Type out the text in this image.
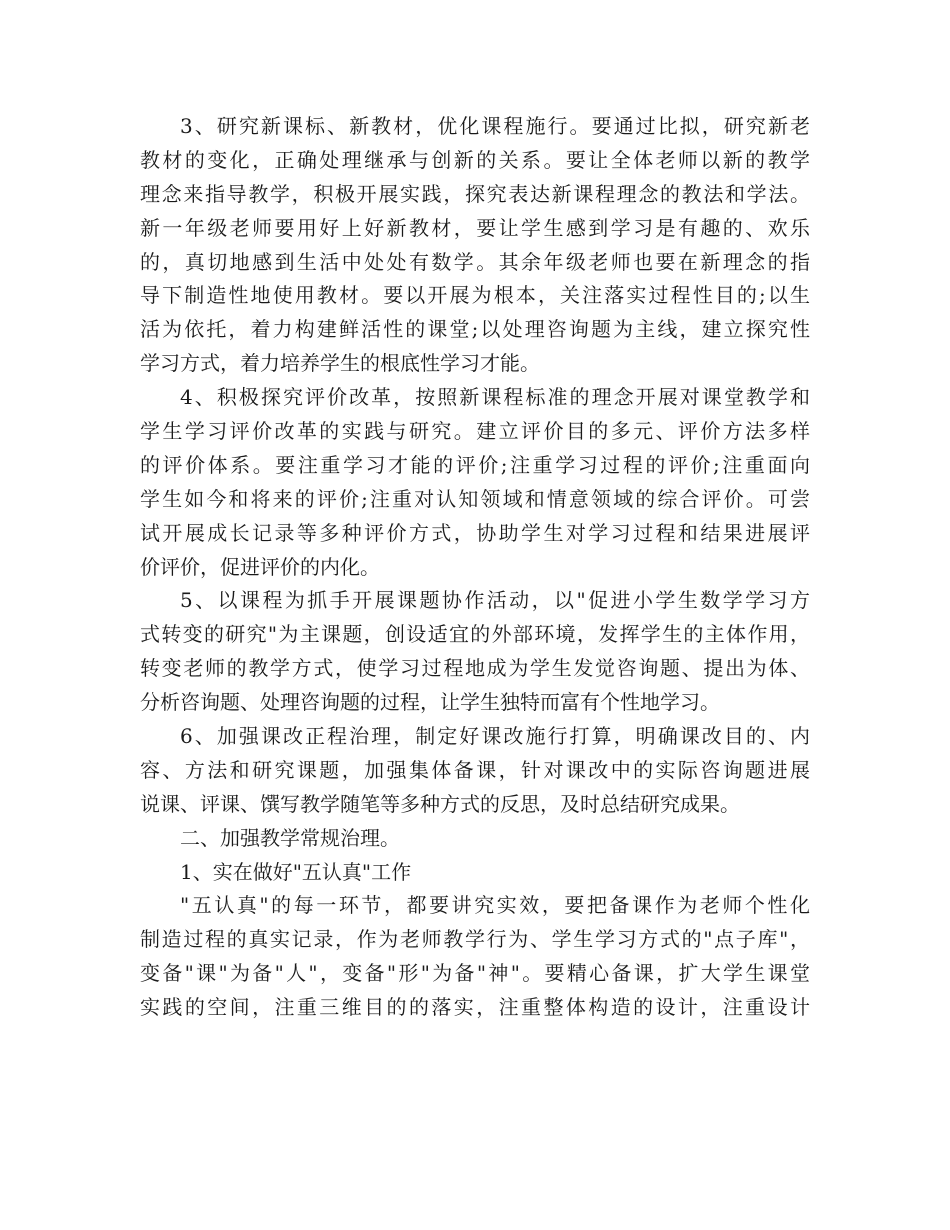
3、研究新课标、新教材，优化课程施行。要通过比拟，研究新老
教材的变化，正确处理继承与创新的关系。要让全体老师以新的教学
理念来指导教学，积极开展实践，探究表达新课程理念的教法和学法。
新一年级老师要用好上好新教材，要让学生感到学习是有趣的、欢乐
的，真切地感到生活中处处有数学。其余年级老师也要在新理念的指
导下制造性地使用教材。要以开展为根本，关注落实过程性目的;以生
活为依托，着力构建鲜活性的课堂;以处理咨询题为主线，建立探究性
学习方式，着力培养学生的根底性学习才能。
4、积极探究评价改革，按照新课程标准的理念开展对课堂教学和
学生学习评价改革的实践与研究。建立评价目的多元、评价方法多样
的评价体系。要注重学习才能的评价;注重学习过程的评价;注重面向
学生如今和将来的评价;注重对认知领域和情意领域的综合评价。可尝
试开展成长记录等多种评价方式，协助学生对学习过程和结果进展评
价评价，促进评价的内化。
5、以课程为抓手开展课题协作活动，以"促进小学生数学学习方
式转变的研究"为主课题，创设适宜的外部环境，发挥学生的主体作用，
转变老师的教学方式，使学习过程地成为学生发觉咨询题、提出为体、
分析咨询题、处理咨询题的过程，让学生独特而富有个性地学习。
6、加强课改正程治理，制定好课改施行打算，明确课改目的、内
容、方法和研究课题，加强集体备课，针对课改中的实际咨询题进展
说课、评课、馔写教学随笔等多种方式的反思，及时总结研究成果。
二、加强教学常规治理。
1、实在做好"五认真"工作
"五认真"的每一环节，都要讲究实效，要把备课作为老师个性化
制造过程的真实记录，作为老师教学行为、学生学习方式的"点子库"，
变备"课"为备"人"，变备"形"为备"神"。要精心备课，扩大学生课堂
实践的空间，注重三维目的的落实，注重整体构造的设计，注重设计
